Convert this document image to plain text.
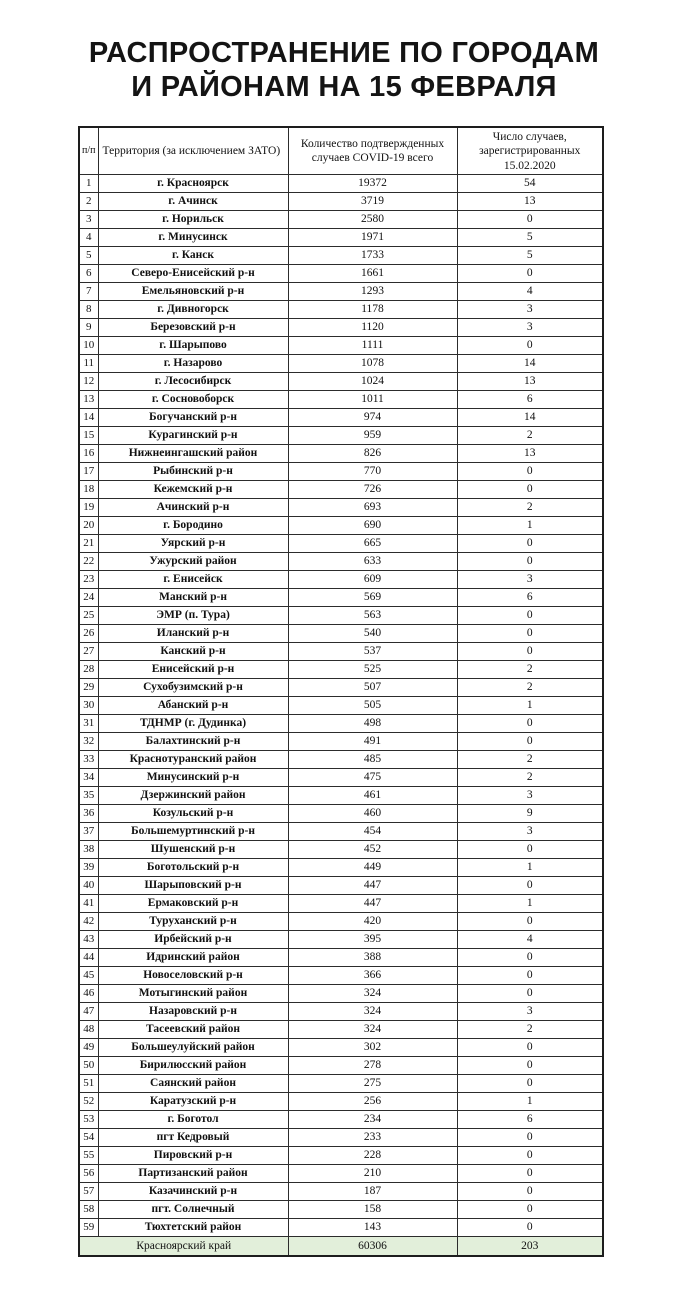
РАСПРОСТРАНЕНИЕ ПО ГОРОДАМ
И РАЙОНАМ НА 15 ФЕВРАЛЯ
п/п	Территория (за исключением ЗАТО)	Количество подтвержденных случаев COVID-19 всего	Число случаев, зарегистрированных 15.02.2020
1	г. Красноярск	19372	54
2	г. Ачинск	3719	13
3	г. Норильск	2580	0
4	г. Минусинск	1971	5
5	г. Канск	1733	5
6	Северо-Енисейский р-н	1661	0
7	Емельяновский р-н	1293	4
8	г. Дивногорск	1178	3
9	Березовский р-н	1120	3
10	г. Шарыпово	1111	0
11	г. Назарово	1078	14
12	г. Лесосибирск	1024	13
13	г. Сосновоборск	1011	6
14	Богучанский р-н	974	14
15	Курагинский р-н	959	2
16	Нижнеингашский район	826	13
17	Рыбинский р-н	770	0
18	Кежемский р-н	726	0
19	Ачинский р-н	693	2
20	г. Бородино	690	1
21	Уярский р-н	665	0
22	Ужурский район	633	0
23	г. Енисейск	609	3
24	Манский р-н	569	6
25	ЭМР (п. Тура)	563	0
26	Иланский р-н	540	0
27	Канский р-н	537	0
28	Енисейский р-н	525	2
29	Сухобузимский р-н	507	2
30	Абанский р-н	505	1
31	ТДНМР (г. Дудинка)	498	0
32	Балахтинский р-н	491	0
33	Краснотуранский район	485	2
34	Минусинский р-н	475	2
35	Дзержинский район	461	3
36	Козульский р-н	460	9
37	Большемуртинский р-н	454	3
38	Шушенский р-н	452	0
39	Боготольский р-н	449	1
40	Шарыповский р-н	447	0
41	Ермаковский р-н	447	1
42	Туруханский р-н	420	0
43	Ирбейский р-н	395	4
44	Идринский район	388	0
45	Новоселовский р-н	366	0
46	Мотыгинский район	324	0
47	Назаровский р-н	324	3
48	Тасеевский район	324	2
49	Большеулуйский район	302	0
50	Бирилюсский район	278	0
51	Саянский район	275	0
52	Каратузский р-н	256	1
53	г. Боготол	234	6
54	пгт Кедровый	233	0
55	Пировский р-н	228	0
56	Партизанский район	210	0
57	Казачинский р-н	187	0
58	пгт. Солнечный	158	0
59	Тюхтетский район	143	0
Красноярский край		60306	203
